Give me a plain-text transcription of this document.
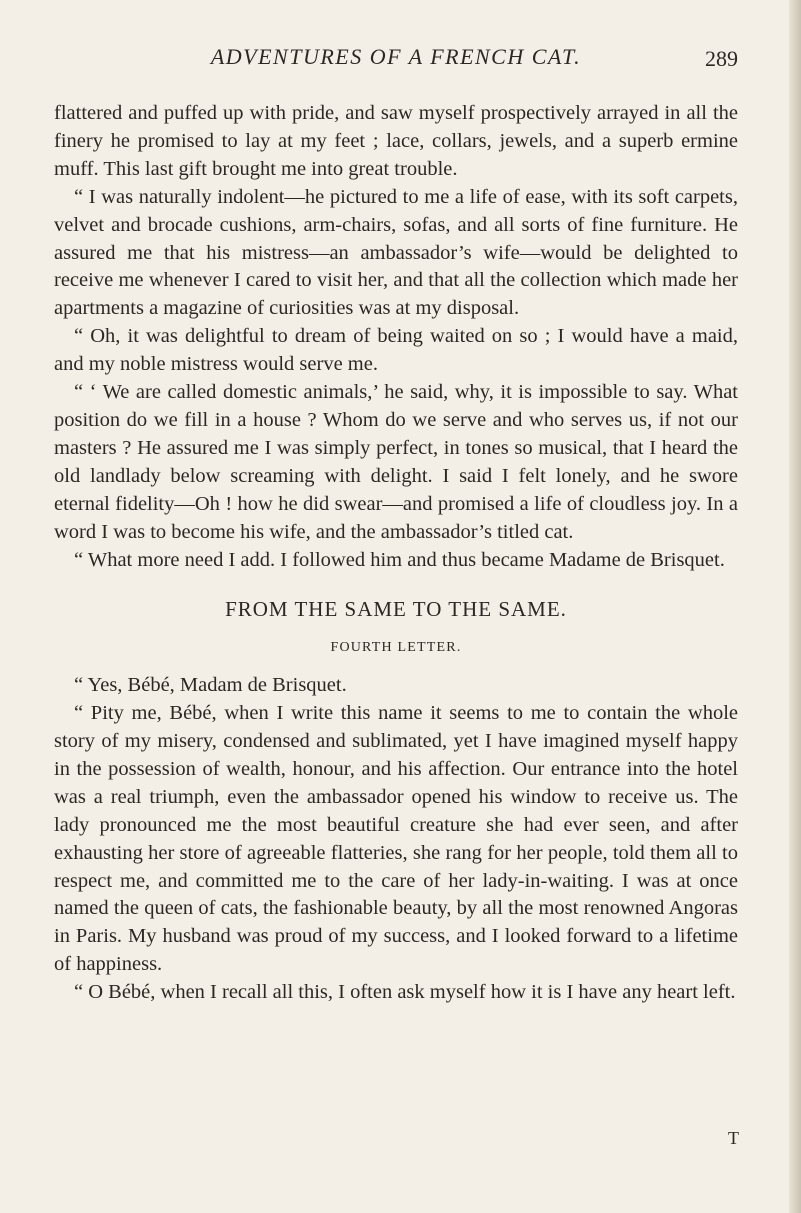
ADVENTURES OF A FRENCH CAT.	289

flattered and puffed up with pride, and saw myself prospectively arrayed in all the finery he promised to lay at my feet ; lace, collars, jewels, and a superb ermine muff. This last gift brought me into great trouble.

“ I was naturally indolent—he pictured to me a life of ease, with its soft carpets, velvet and brocade cushions, arm-chairs, sofas, and all sorts of fine furniture. He assured me that his mistress—an ambassador’s wife—would be delighted to receive me whenever I cared to visit her, and that all the collection which made her apartments a magazine of curiosities was at my disposal.

“ Oh, it was delightful to dream of being waited on so ; I would have a maid, and my noble mistress would serve me.

“ ‘ We are called domestic animals,’ he said, why, it is impossible to say. What position do we fill in a house ? Whom do we serve and who serves us, if not our masters ? He assured me I was simply perfect, in tones so musical, that I heard the old landlady below screaming with delight. I said I felt lonely, and he swore eternal fidelity—Oh ! how he did swear—and promised a life of cloudless joy. In a word I was to become his wife, and the ambassador’s titled cat.

“ What more need I add. I followed him and thus became Madame de Brisquet.

FROM THE SAME TO THE SAME.

FOURTH LETTER.

“ Yes, Bébé, Madam de Brisquet.

“ Pity me, Bébé, when I write this name it seems to me to contain the whole story of my misery, condensed and sublimated, yet I have imagined myself happy in the possession of wealth, honour, and his affection. Our entrance into the hotel was a real triumph, even the ambassador opened his window to receive us. The lady pronounced me the most beautiful creature she had ever seen, and after exhausting her store of agreeable flatteries, she rang for her people, told them all to respect me, and committed me to the care of her lady-in-waiting. I was at once named the queen of cats, the fashionable beauty, by all the most renowned Angoras in Paris. My husband was proud of my success, and I looked forward to a lifetime of happiness.

“ O Bébé, when I recall all this, I often ask myself how it is I have any heart left.

T
